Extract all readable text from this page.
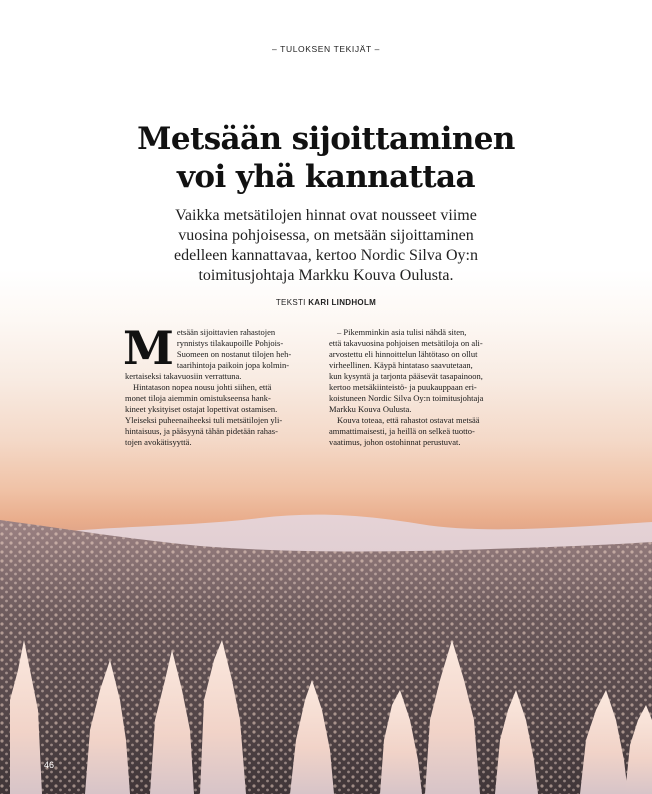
– TULOKSEN TEKIJÄT –
Metsään sijoittaminen
voi yhä kannattaa
Vaikka metsätilojen hinnat ovat nousseet viime
vuosina pohjoisessa, on metsään sijoittaminen
edelleen kannattavaa, kertoo Nordic Silva Oy:n
toimitusjohtaja Markku Kouva Oulusta.
TEKSTI KARI LINDHOLM
M etsään sijoittavien rahastojen
rynnistys tilakaupoille Pohjois-
Suomeen on nostanut tilojen heh-
taarihintoja paikoin jopa kolmin-
kertaiseksi takavuosiin verrattuna.
Hintatason nopea nousu johti siihen, että
monet tiloja aiemmin omistukseensa hank-
kineet yksityiset ostajat lopettivat ostamisen.
Yleiseksi puheenaiheeksi tuli metsätilojen yli-
hintaisuus, ja pääsyynä tähän pidetään rahas-
tojen avokätisyyttä.
– Pikemminkin asia tulisi nähdä siten,
että takavuosina pohjoisen metsätiloja on ali-
arvostettu eli hinnoittelun lähtötaso on ollut
virheellinen. Käypä hintataso saavutetaan,
kun kysyntä ja tarjonta pääsevät tasapainoon,
kertoo metsäkiinteistö- ja puukauppaan eri-
koistuneen Nordic Silva Oy:n toimitusjohtaja
Markku Kouva Oulusta.
Kouva toteaa, että rahastot ostavat metsää
ammattimaisesti, ja heillä on selkeä tuotto-
vaatimus, johon ostohinnat perustuvat.
46
